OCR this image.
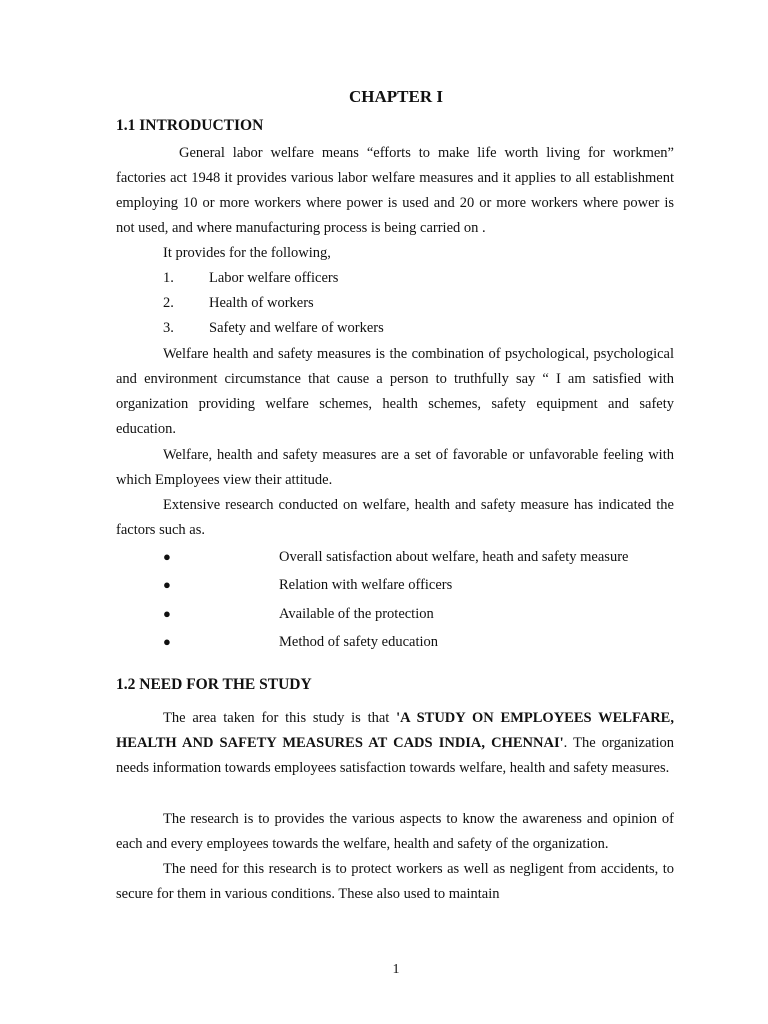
CHAPTER I
1.1 INTRODUCTION
General labor welfare means “efforts to make life worth living for workmen” factories act 1948 it provides various labor welfare measures and it applies to all establishment employing 10 or more workers where power is used and 20 or more workers where power is not used, and where manufacturing process is being carried on .
It provides for the following,
1. Labor welfare officers
2. Health of workers
3. Safety and welfare of workers
Welfare health and safety measures is the combination of psychological, psychological and environment circumstance that cause a person to truthfully say “ I am satisfied with organization providing welfare schemes, health schemes, safety equipment and safety education.
Welfare, health and safety measures are a set of favorable or unfavorable feeling with which Employees view their attitude.
Extensive research conducted on welfare, health and safety measure has indicated the factors such as.
●	Overall satisfaction about welfare, heath and safety measure
●	Relation with welfare officers
●	Available of the protection
●	Method of safety education
1.2 NEED FOR THE STUDY
The area taken for this study is that 'A STUDY ON EMPLOYEES WELFARE, HEALTH AND SAFETY MEASURES AT CADS INDIA, CHENNAI'. The organization needs information towards employees satisfaction towards welfare, health and safety measures.
The research is to provides the various aspects to know the awareness and opinion of each and every employees towards the welfare, health and safety of the organization.
The need for this research is to protect workers as well as negligent from accidents, to secure for them in various conditions. These also used to maintain
1
